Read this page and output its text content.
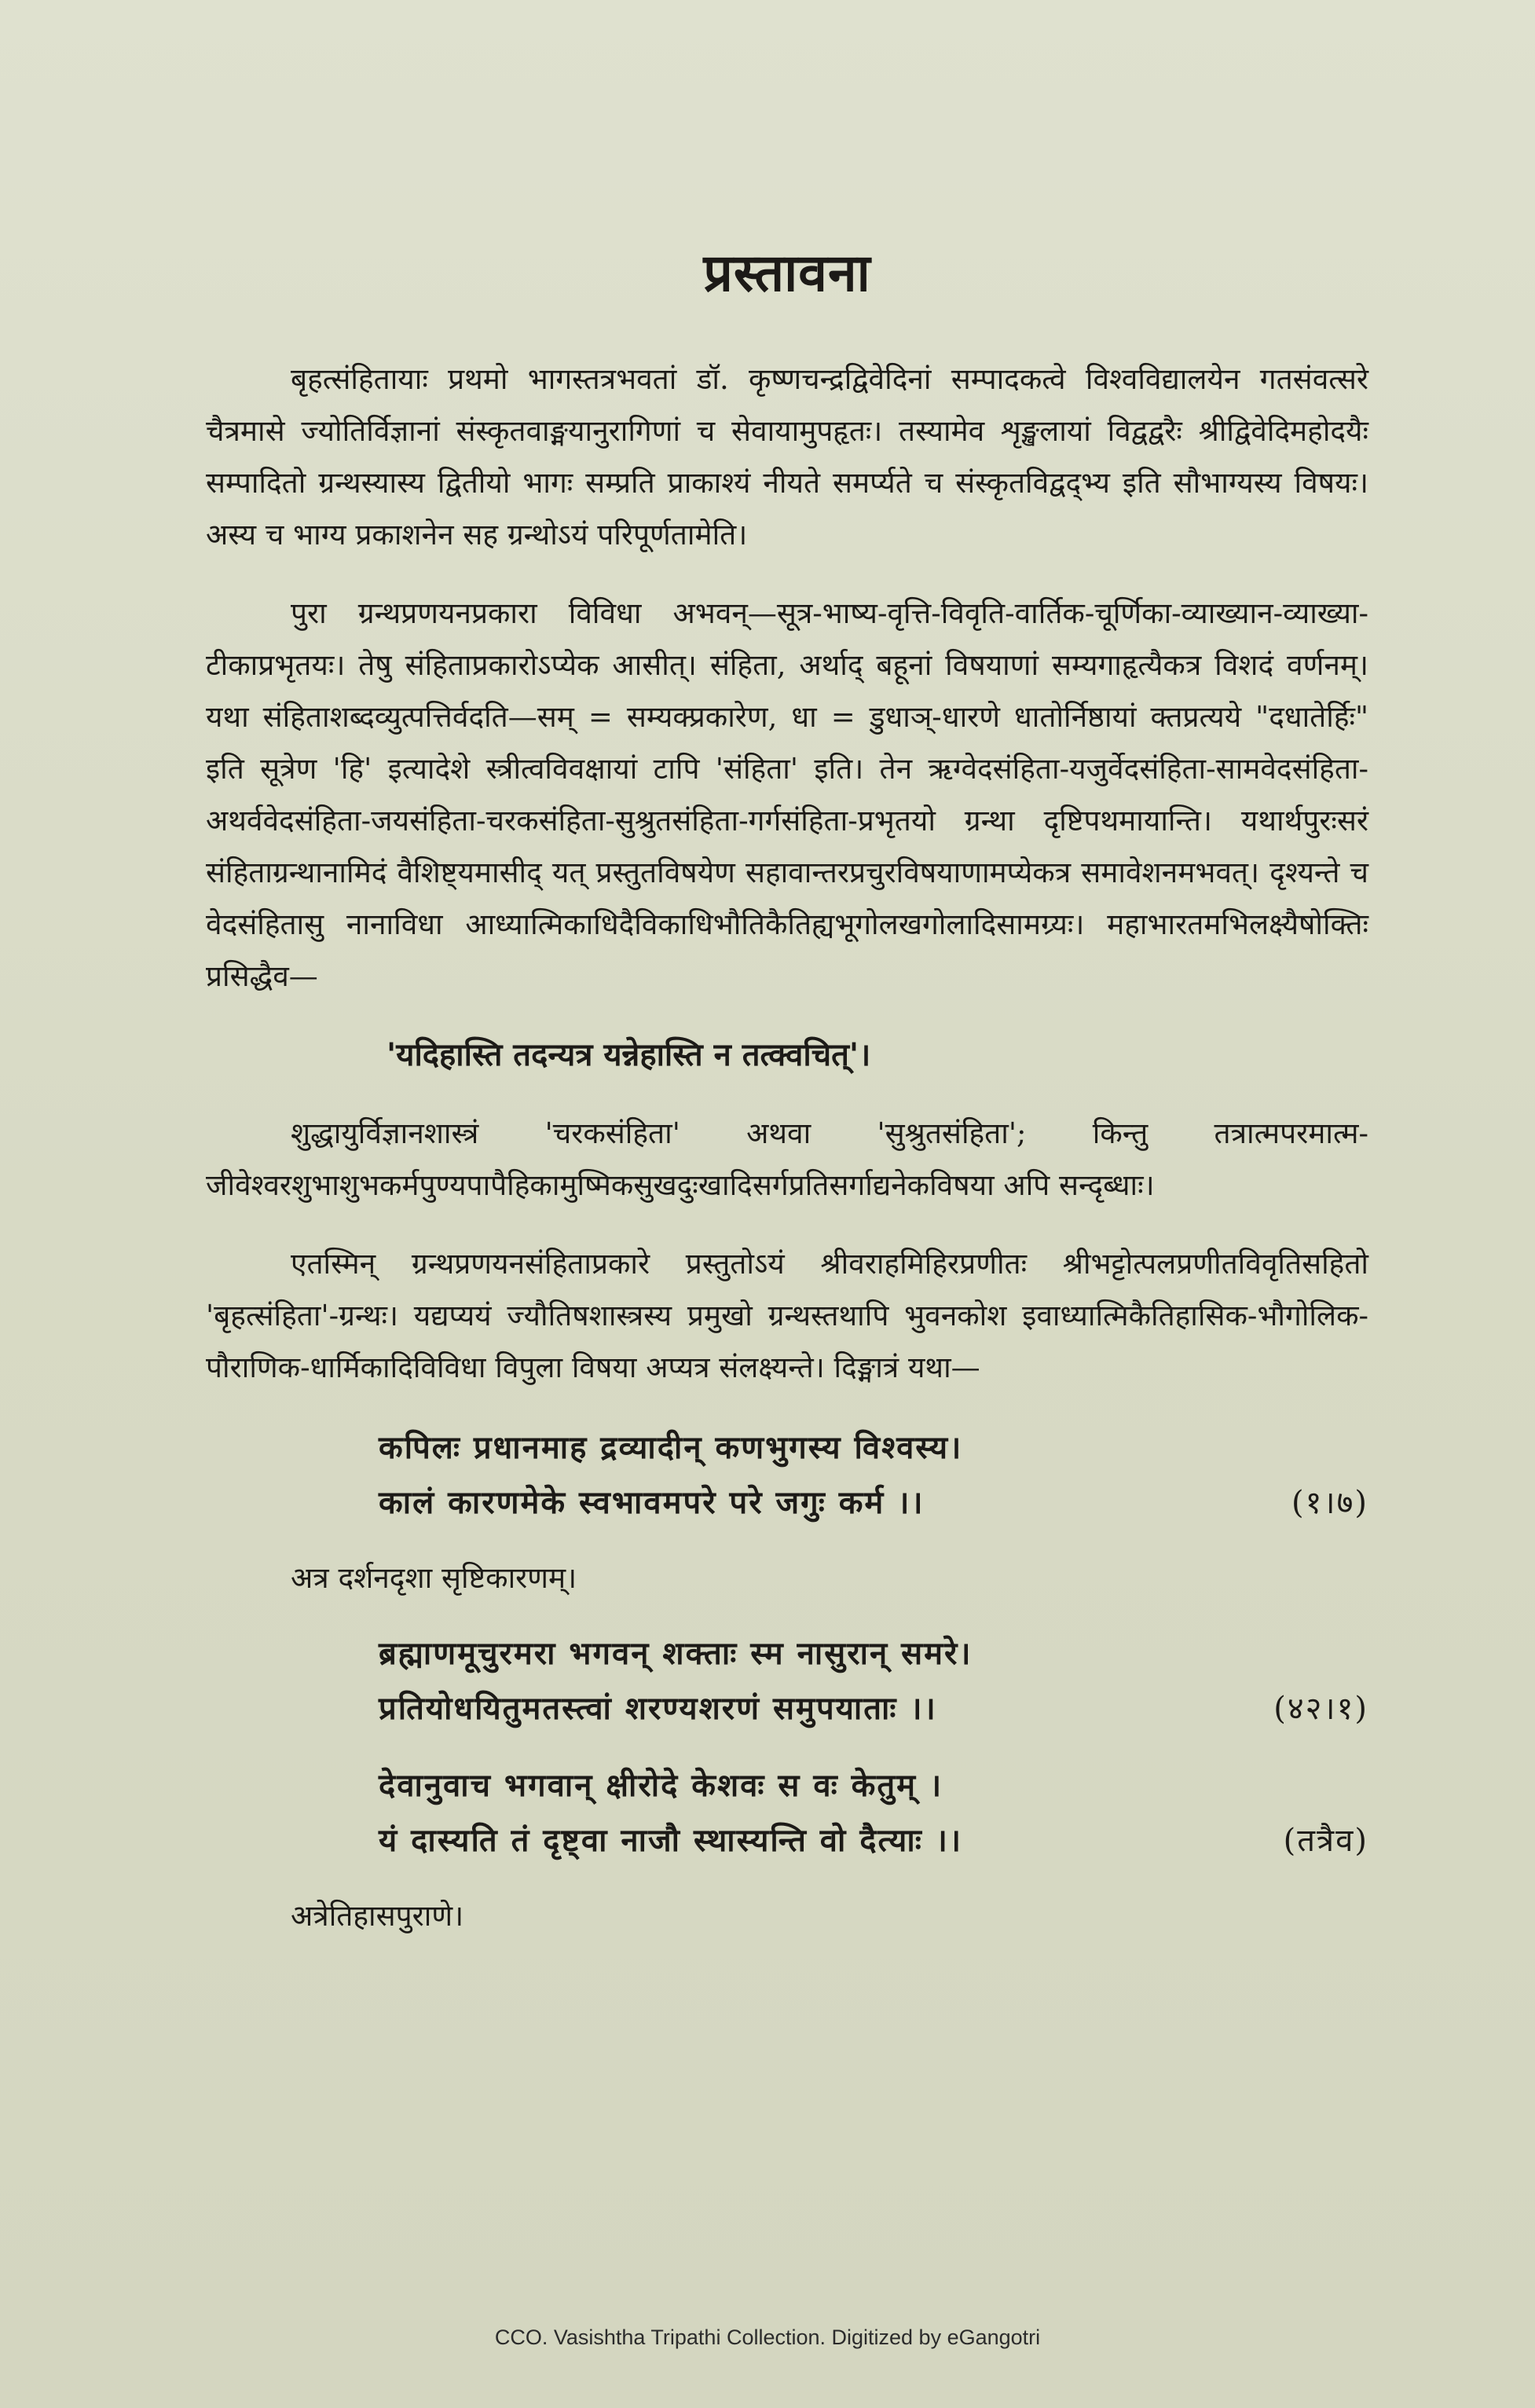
प्रस्तावना

बृहत्संहितायाः प्रथमो भागस्तत्रभवतां डॉ. कृष्णचन्द्रद्विवेदिनां सम्पादकत्वे विश्वविद्यालयेन गतसंवत्सरे चैत्रमासे ज्योतिर्विज्ञानां संस्कृतवाङ्मयानुरागिणां च सेवायामुपहृतः। तस्यामेव शृङ्खलायां विद्वद्वरैः श्रीद्विवेदिमहोदयैः सम्पादितो ग्रन्थस्यास्य द्वितीयो भागः सम्प्रति प्राकाश्यं नीयते समर्प्यते च संस्कृतविद्वद्भ्य इति सौभाग्यस्य विषयः। अस्य च भाग्य प्रकाशनेन सह ग्रन्थोऽयं परिपूर्णतामेति।

पुरा ग्रन्थप्रणयनप्रकारा विविधा अभवन्—सूत्र-भाष्य-वृत्ति-विवृति-वार्तिक-चूर्णिका-व्याख्यान-व्याख्या-टीकाप्रभृतयः। तेषु संहिताप्रकारोऽप्येक आसीत्। संहिता, अर्थाद् बहूनां विषयाणां सम्यगाहृत्यैकत्र विशदं वर्णनम्। यथा संहिताशब्दव्युत्पत्तिर्वदति—सम् = सम्यक्प्रकारेण, धा = डुधाञ्-धारणे धातोर्निष्ठायां क्तप्रत्यये "दधातेर्हिः" इति सूत्रेण 'हि' इत्यादेशे स्त्रीत्वविवक्षायां टापि 'संहिता' इति। तेन ऋग्वेदसंहिता-यजुर्वेदसंहिता-सामवेदसंहिता-अथर्ववेदसंहिता-जयसंहिता-चरकसंहिता-सुश्रुतसंहिता-गर्गसंहिता-प्रभृतयो ग्रन्था दृष्टिपथमायान्ति। यथार्थपुरःसरं संहिताग्रन्थानामिदं वैशिष्ट्यमासीद् यत् प्रस्तुतविषयेण सहावान्तरप्रचुरविषयाणामप्येकत्र समावेशनमभवत्। दृश्यन्ते च वेदसंहितासु नानाविधा आध्यात्मिकाधिदैविकाधिभौतिकैतिह्यभूगोलखगोलादिसामग्र्यः। महाभारतमभिलक्ष्यैषोक्तिः प्रसिद्धैव—

'यदिहास्ति तदन्यत्र यन्नेहास्ति न तत्क्वचित्'।

शुद्धायुर्विज्ञानशास्त्रं 'चरकसंहिता' अथवा 'सुश्रुतसंहिता'; किन्तु तत्रात्मपरमात्म-जीवेश्वरशुभाशुभकर्मपुण्यपापैहिकामुष्मिकसुखदुःखादिसर्गप्रतिसर्गाद्यनेकविषया अपि सन्दृब्धाः।

एतस्मिन् ग्रन्थप्रणयनसंहिताप्रकारे प्रस्तुतोऽयं श्रीवराहमिहिरप्रणीतः श्रीभट्टोत्पलप्रणीतविवृतिसहितो 'बृहत्संहिता'-ग्रन्थः। यद्यप्ययं ज्यौतिषशास्त्रस्य प्रमुखो ग्रन्थस्तथापि भुवनकोश इवाध्यात्मिकैतिहासिक-भौगोलिक-पौराणिक-धार्मिकादिविविधा विपुला विषया अप्यत्र संलक्ष्यन्ते। दिङ्मात्रं यथा—

कपिलः प्रधानमाह द्रव्यादीन् कणभुगस्य विश्वस्य।
कालं कारणमेके स्वभावमपरे परे जगुः कर्म ।।	(१।७)
अत्र दर्शनदृशा सृष्टिकारणम्।
ब्रह्माणमूचुरमरा भगवन् शक्ताः स्म नासुरान् समरे।
प्रतियोधयितुमतस्त्वां शरण्यशरणं समुपयाताः ।।	(४२।१)
देवानुवाच भगवान् क्षीरोदे केशवः स वः केतुम् ।
यं दास्यति तं दृष्ट्वा नाजौ स्थास्यन्ति वो दैत्याः ।।	(तत्रैव)
अत्रेतिहासपुराणे।
CCO. Vasishtha Tripathi Collection. Digitized by eGangotri
